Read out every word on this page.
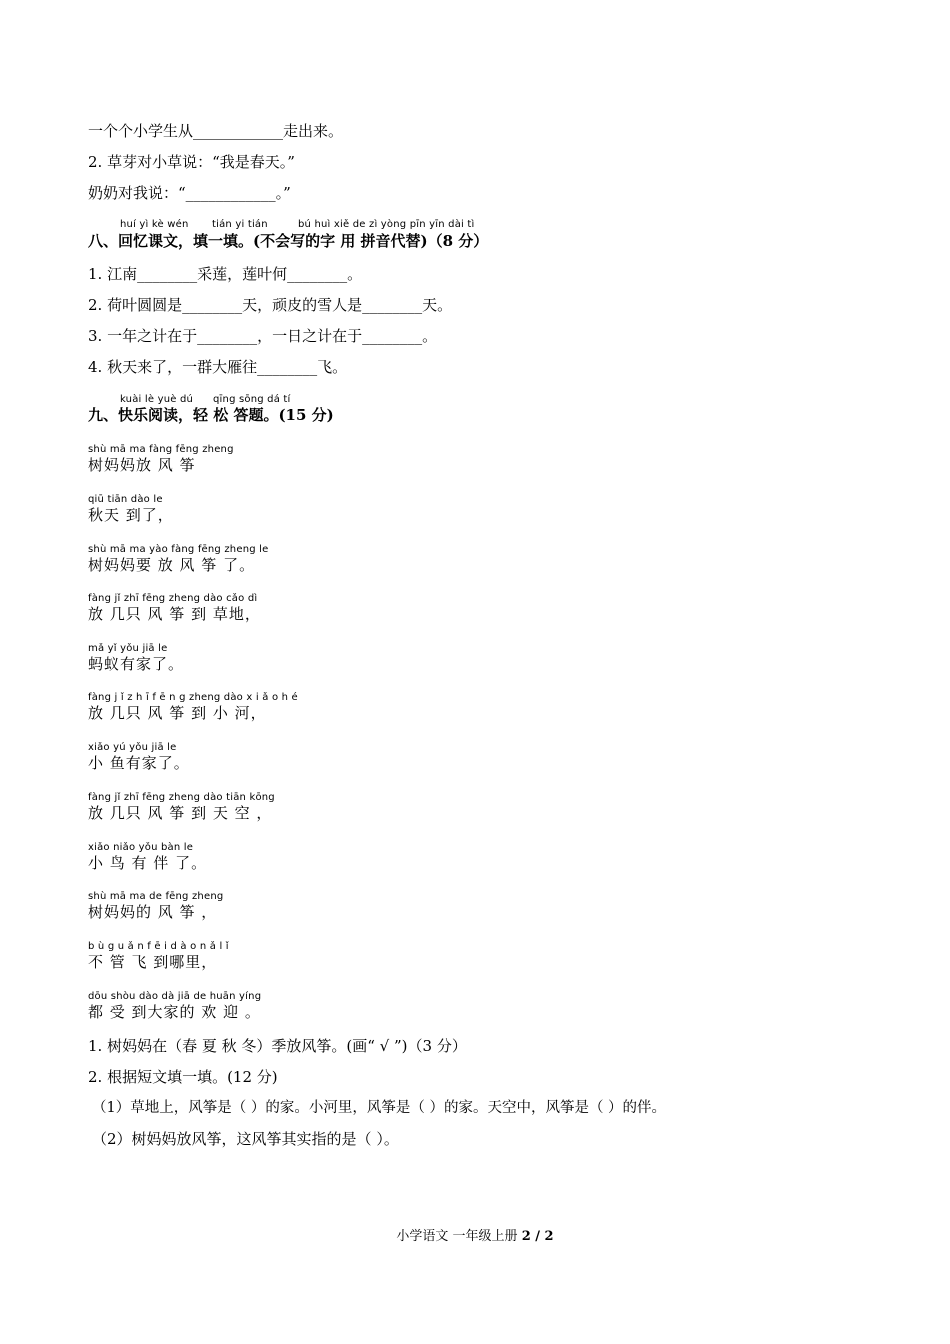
一个个小学生从____________走出来。
2. 草芽对小草说：“我是春天。”
奶奶对我说：“____________。”
huí yì kè wén tián yi tián	bú huì xiě de zì yòng pīn yīn dài tì
八、回忆课文，填一填。(不会写的字 用 拼音代替)（8 分）
1. 江南________采莲，莲叶何________。
2. 荷叶圆圆是________天，顽皮的雪人是________天。
3. 一年之计在于________，一日之计在于________。
4. 秋天来了，一群大雁往________飞。
kuài lè yuè dú qīng sōng dá tí
九、快乐阅读，轻 松 答题。(15 分)
shù mā ma fàng fēng zheng
树妈妈放 风 筝
qiū tiān dào le
秋天 到了，
shù mā ma yào fàng fēng zheng le
树妈妈要 放 风 筝 了。
fàng jǐ zhī fēng zheng dào cǎo dì
放 几只 风 筝 到 草地，
mǎ yǐ yǒu jiā le
蚂蚁有家了。
fàng j ǐ z h ī f ē n g zheng dào x i ǎ o h é
放 几只 风 筝 到 小 河，
xiǎo yú yǒu jiā le
小 鱼有家了。
fàng jǐ zhī fēng zheng dào tiān kōng
放 几只 风 筝 到 天 空 ，
xiǎo niǎo yǒu bàn le
小 鸟 有 伴 了。
shù mā ma de fēng zheng
树妈妈的 风 筝 ，
b ù g u ǎ n f ē i d à o n ǎ l ǐ
不 管 飞 到哪里，
dōu shòu dào dà jiā de huān yíng
都 受 到大家的 欢 迎 。
1. 树妈妈在（春 夏 秋 冬）季放风筝。(画“ √ ”)（3 分）
2. 根据短文填一填。(12 分)
（1）草地上，风筝是（ ）的家。小河里，风筝是（ ）的家。天空中，风筝是（ ）的伴。
（2）树妈妈放风筝，这风筝其实指的是（ ）。
小学语文 一年级上册 2 / 2
